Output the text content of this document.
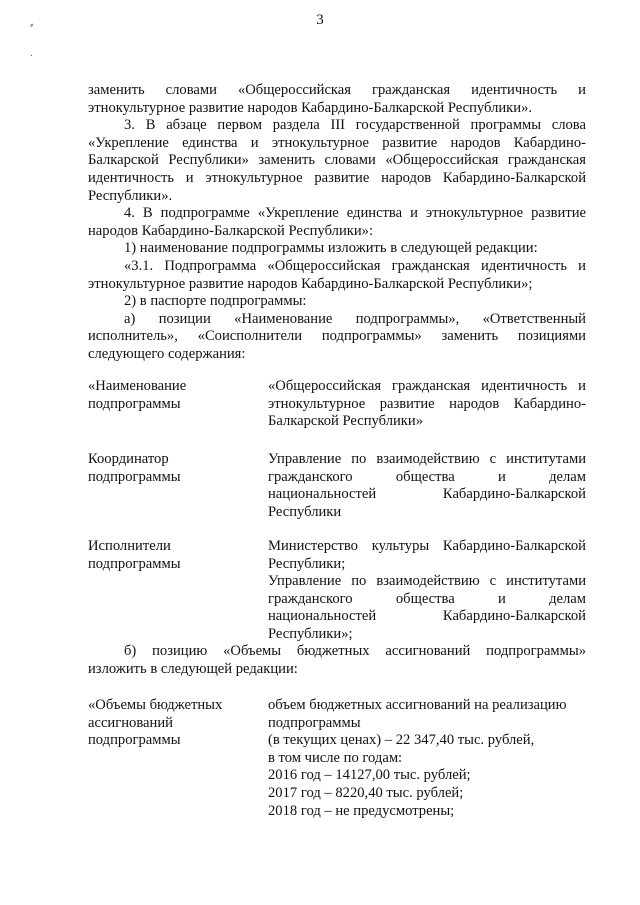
3
⸗
ˑ
заменить словами «Общероссийская гражданская идентичность и этнокультурное развитие народов Кабардино-Балкарской Республики».
3. В абзаце первом раздела III государственной программы слова «Укрепление единства и этнокультурное развитие народов Кабардино-Балкарской Республики» заменить словами «Общероссийская гражданская идентичность и этнокультурное развитие народов Кабардино-Балкарской Республики».
4. В подпрограмме «Укрепление единства и этнокультурное развитие народов Кабардино-Балкарской Республики»:
1) наименование подпрограммы изложить в следующей редакции:
«3.1. Подпрограмма «Общероссийская гражданская идентичность и этнокультурное развитие народов Кабардино-Балкарской Республики»;
2) в паспорте подпрограммы:
а) позиции «Наименование подпрограммы», «Ответственный исполнитель», «Соисполнители подпрограммы» заменить позициями следующего содержания:
«Наименование
подпрограммы
«Общероссийская гражданская идентичность и
этнокультурное развитие народов Кабардино-
Балкарской Республики»
Координатор
подпрограммы
Управление по взаимодействию с институтами
гражданского общества и делам
национальностей Кабардино-Балкарской
Республики
Исполнители
подпрограммы
Министерство культуры Кабардино-Балкарской
Республики;
Управление по взаимодействию с институтами
гражданского общества и делам
национальностей Кабардино-Балкарской
Республики»;
б) позицию «Объемы бюджетных ассигнований подпрограммы» изложить в следующей редакции:
«Объемы бюджетных
ассигнований
подпрограммы
объем бюджетных ассигнований на реализацию
подпрограммы
(в текущих ценах) – 22 347,40 тыс. рублей,
в том числе по годам:
2016 год – 14127,00 тыс. рублей;
2017 год – 8220,40 тыс. рублей;
2018 год – не предусмотрены;
